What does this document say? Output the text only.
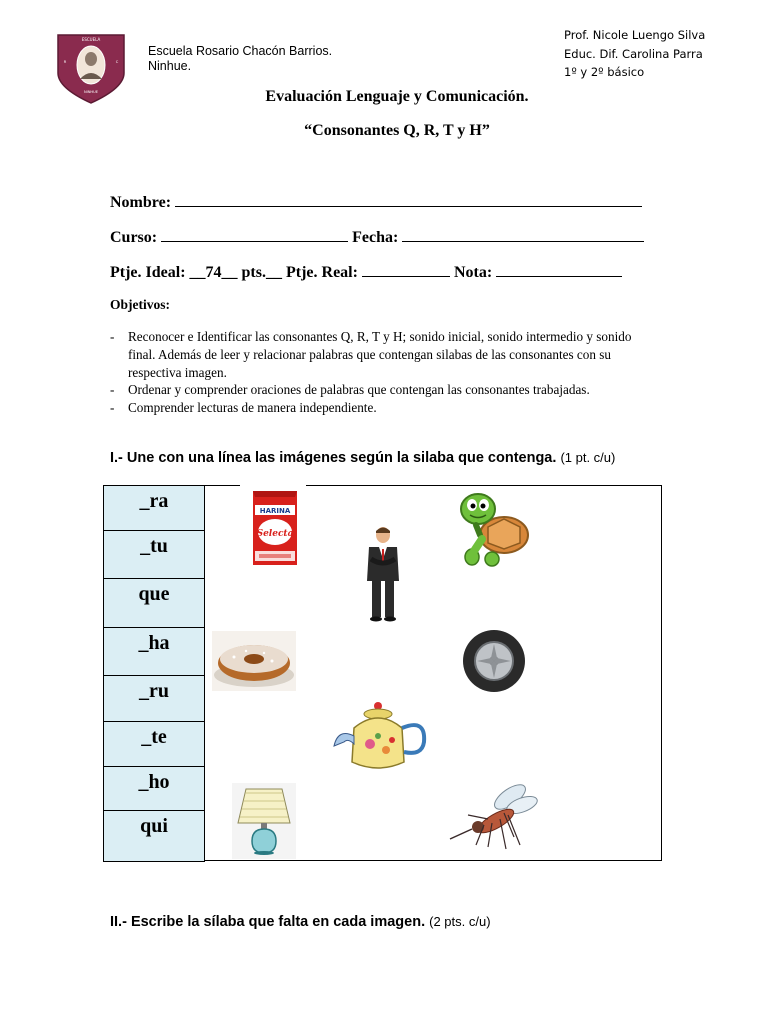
ESCUELA
R	C
NINHUE
Escuela Rosario Chacón Barrios.
Ninhue.
Prof. Nicole Luengo Silva
Educ. Dif. Carolina Parra
1º y 2º básico
Evaluación Lenguaje y Comunicación.
“Consonantes Q, R, T y H”
Nombre:
Curso:	Fecha:
Ptje. Ideal: __74__ pts.__ Ptje. Real:	Nota:
Objetivos:
- Reconocer e Identificar las consonantes Q, R, T y H; sonido inicial, sonido intermedio y sonido final. Además de leer y relacionar palabras que contengan silabas de las consonantes con su respectiva imagen.
- Ordenar y comprender oraciones de palabras que contengan las consonantes trabajadas.
- Comprender lecturas de manera independiente.
I.- Une con una línea las imágenes según la silaba que contenga. (1 pt. c/u)
_ra
_tu
que
_ha
_ru
_te
_ho
qui
HARINA
Selecta
II.- Escribe la sílaba que falta en cada imagen. (2 pts. c/u)
